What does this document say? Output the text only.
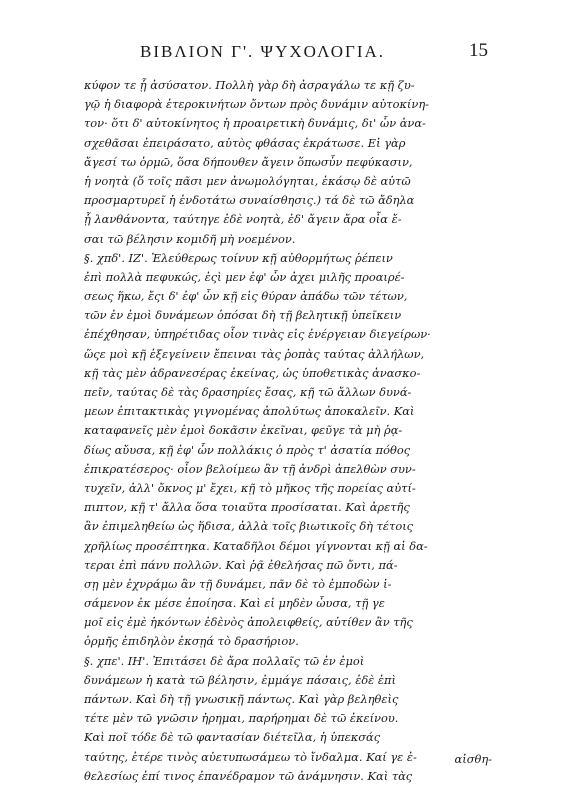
ΒΙΒΛΙΟΝ Γ'. ΨΥΧΟΛΟΓΙΑ.	15
κύφον τε ᾗ ἀσύσατον. Πολλὴ γὰρ δὴ ἀσραγάλω τε κῇ ζυ-
γῷ ἡ διαφορὰ ἑτεροκινήτων ὄντων πρὸς δυνάμιν αὐτοκίνη-
τον· ὅτι δ' αὐτοκίνητος ἡ προαιρετικὴ δυνάμις, δι' ὧν ἀνα-
σχεθᾶσαι ἐπειράσατο, αὐτὸς φθάσας ἐκράτωσε. Εἰ γὰρ
ἄγεσί τω ὁρμῶ, ὅσα δήπουθεν ἄγειν ὅπωσὖν πεφύκασιν,
ἡ νοητὰ (ὅ τοῖς πᾶσι μεν ἀνωμολόγηται, ἑκάσῳ δὲ αὐτῶ
προσμαρτυρεῖ ἡ ἐνδοτάτω συναίσθησις.) τά δὲ τῶ ἄδηλα
ᾗ λανθάνοντα, ταύτηγε ἐδὲ νοητὰ, ἐδ' ἄγειν ἄρα οἷα ἔ-
σαι τῶ βέλησιν κομιδῆ μὴ νοεμένον.
§. χπδ'. ΙΖ'. Ἐλεύθερως τοίνυν κῇ αὐθορμήτως ῥέπειν
ἐπὶ πολλὰ πεφυκώς, ἐςὶ μεν ἐφ' ὧν ἀχει μιλῆς προαιρέ-
σεως ἥκω, ἔςι δ' ἐφ' ὧν κῇ εἰς θύραν ἀπάδω τῶν τέτων,
τῶν ἐν ἐμοὶ δυνάμεων ὁπόσαι δὴ τῇ βελητικῇ ὑπεῖκειν
ἐπέχθησαν, ὑπηρέτιδας οἷον τινὰς εἰς ἐνέργειαν διεγείρων·
ὥςε μοὶ κῇ ἐξεγείνειν ἔπειναι τὰς ῥοπὰς ταύτας ἀλλήλων,
κῇ τὰς μὲν ἀδρανεσέρας ἐκείνας, ὡς ὑποθετικὰς ἀνασκο-
πεῖν, ταύτας δὲ τὰς δρασηρίες ἔσας, κῇ τῶ ἄλλων δυνά-
μεων ἐπιτακτικὰς γιγνομένας ἀπολύτως ἀποκαλεῖν. Καὶ
καταφανεῖς μὲν ἐμοὶ δοκᾶσιν ἐκεῖναι, φεῦγε τὰ μὴ ῥᾳ-
δίως αὔυσα, κῇ ἐφ' ὧν πολλάκις ὁ πρὸς τ' ἀσατία πόθος
ἐπικρατέσερος· οἷον βελοίμεω ἂν τῇ ἀνδρὶ ἀπελθὼν συν-
τυχεῖν, ἀλλ' ὄκνος μ' ἔχει, κῇ τὸ μῆκος τῆς πορείας αὐτί-
πιπτον, κῇ τ' ἄλλα ὅσα τοιαῦτα προσίσαται. Καὶ ἀρετῆς
ἂν ἐπιμεληθείω ὡς ἥδισα, ἀλλὰ τοῖς βιωτικοῖς δὴ τέτοις
χρῆλίως προσέπτηκα. Καταδῆλοι δέμοι γίγνονται κῇ αἱ δα-
τεραι ἐπὶ πάνυ πολλῶν. Καὶ ῥᾷ ἐθελήσας πῶ ὄντι, πά-
σῃ μὲν ἐχνράμω ἂν τῇ δυνάμει, πᾶν δὲ τὸ ἐμποδὼν ἰ-
σάμενον ἐκ μέσε ἐποίησα. Καὶ εἰ μηδὲν ὦυσα, τῇ γε
μοῖ εἰς ἐμὲ ἡκόντων ἐδὲνὸς ἀπολειφθείς, αὐτίθεν ἂν τῆς
ὁρμῆς ἐπιδηλὸν ἐκσῃά τὸ δρασήριον.
§. χπε'. ΙΗ'. Ἐπιτάσει δὲ ἄρα πολλαῖς τῶ ἐν ἐμοὶ
δυνάμεων ἡ κατὰ τῶ βέλησιν, ἐμμάγε πάσαις, ἐδὲ ἐπὶ
πάντων. Καὶ δὴ τῇ γνωσικῇ πάντως. Καὶ γὰρ βεληθεὶς
τέτε μὲν τῶ γνῶσιν ἠρημαι, παρήρημαι δὲ τῶ ἐκείνου.
Καὶ ποῖ τόδε δὲ τῶ φαντασίαν διέτεῖλα, ἡ ὑπεκσάς
ταύτης, ἑτέρε τινὸς αὐετυπωσάμεω τὸ ἴνδαλμα. Καί γε ἐ-
θελεσίως ἐπί τινος ἐπανέδραμον τῶ ἀνάμνησιν. Καὶ τὰς
αἰσθη-
